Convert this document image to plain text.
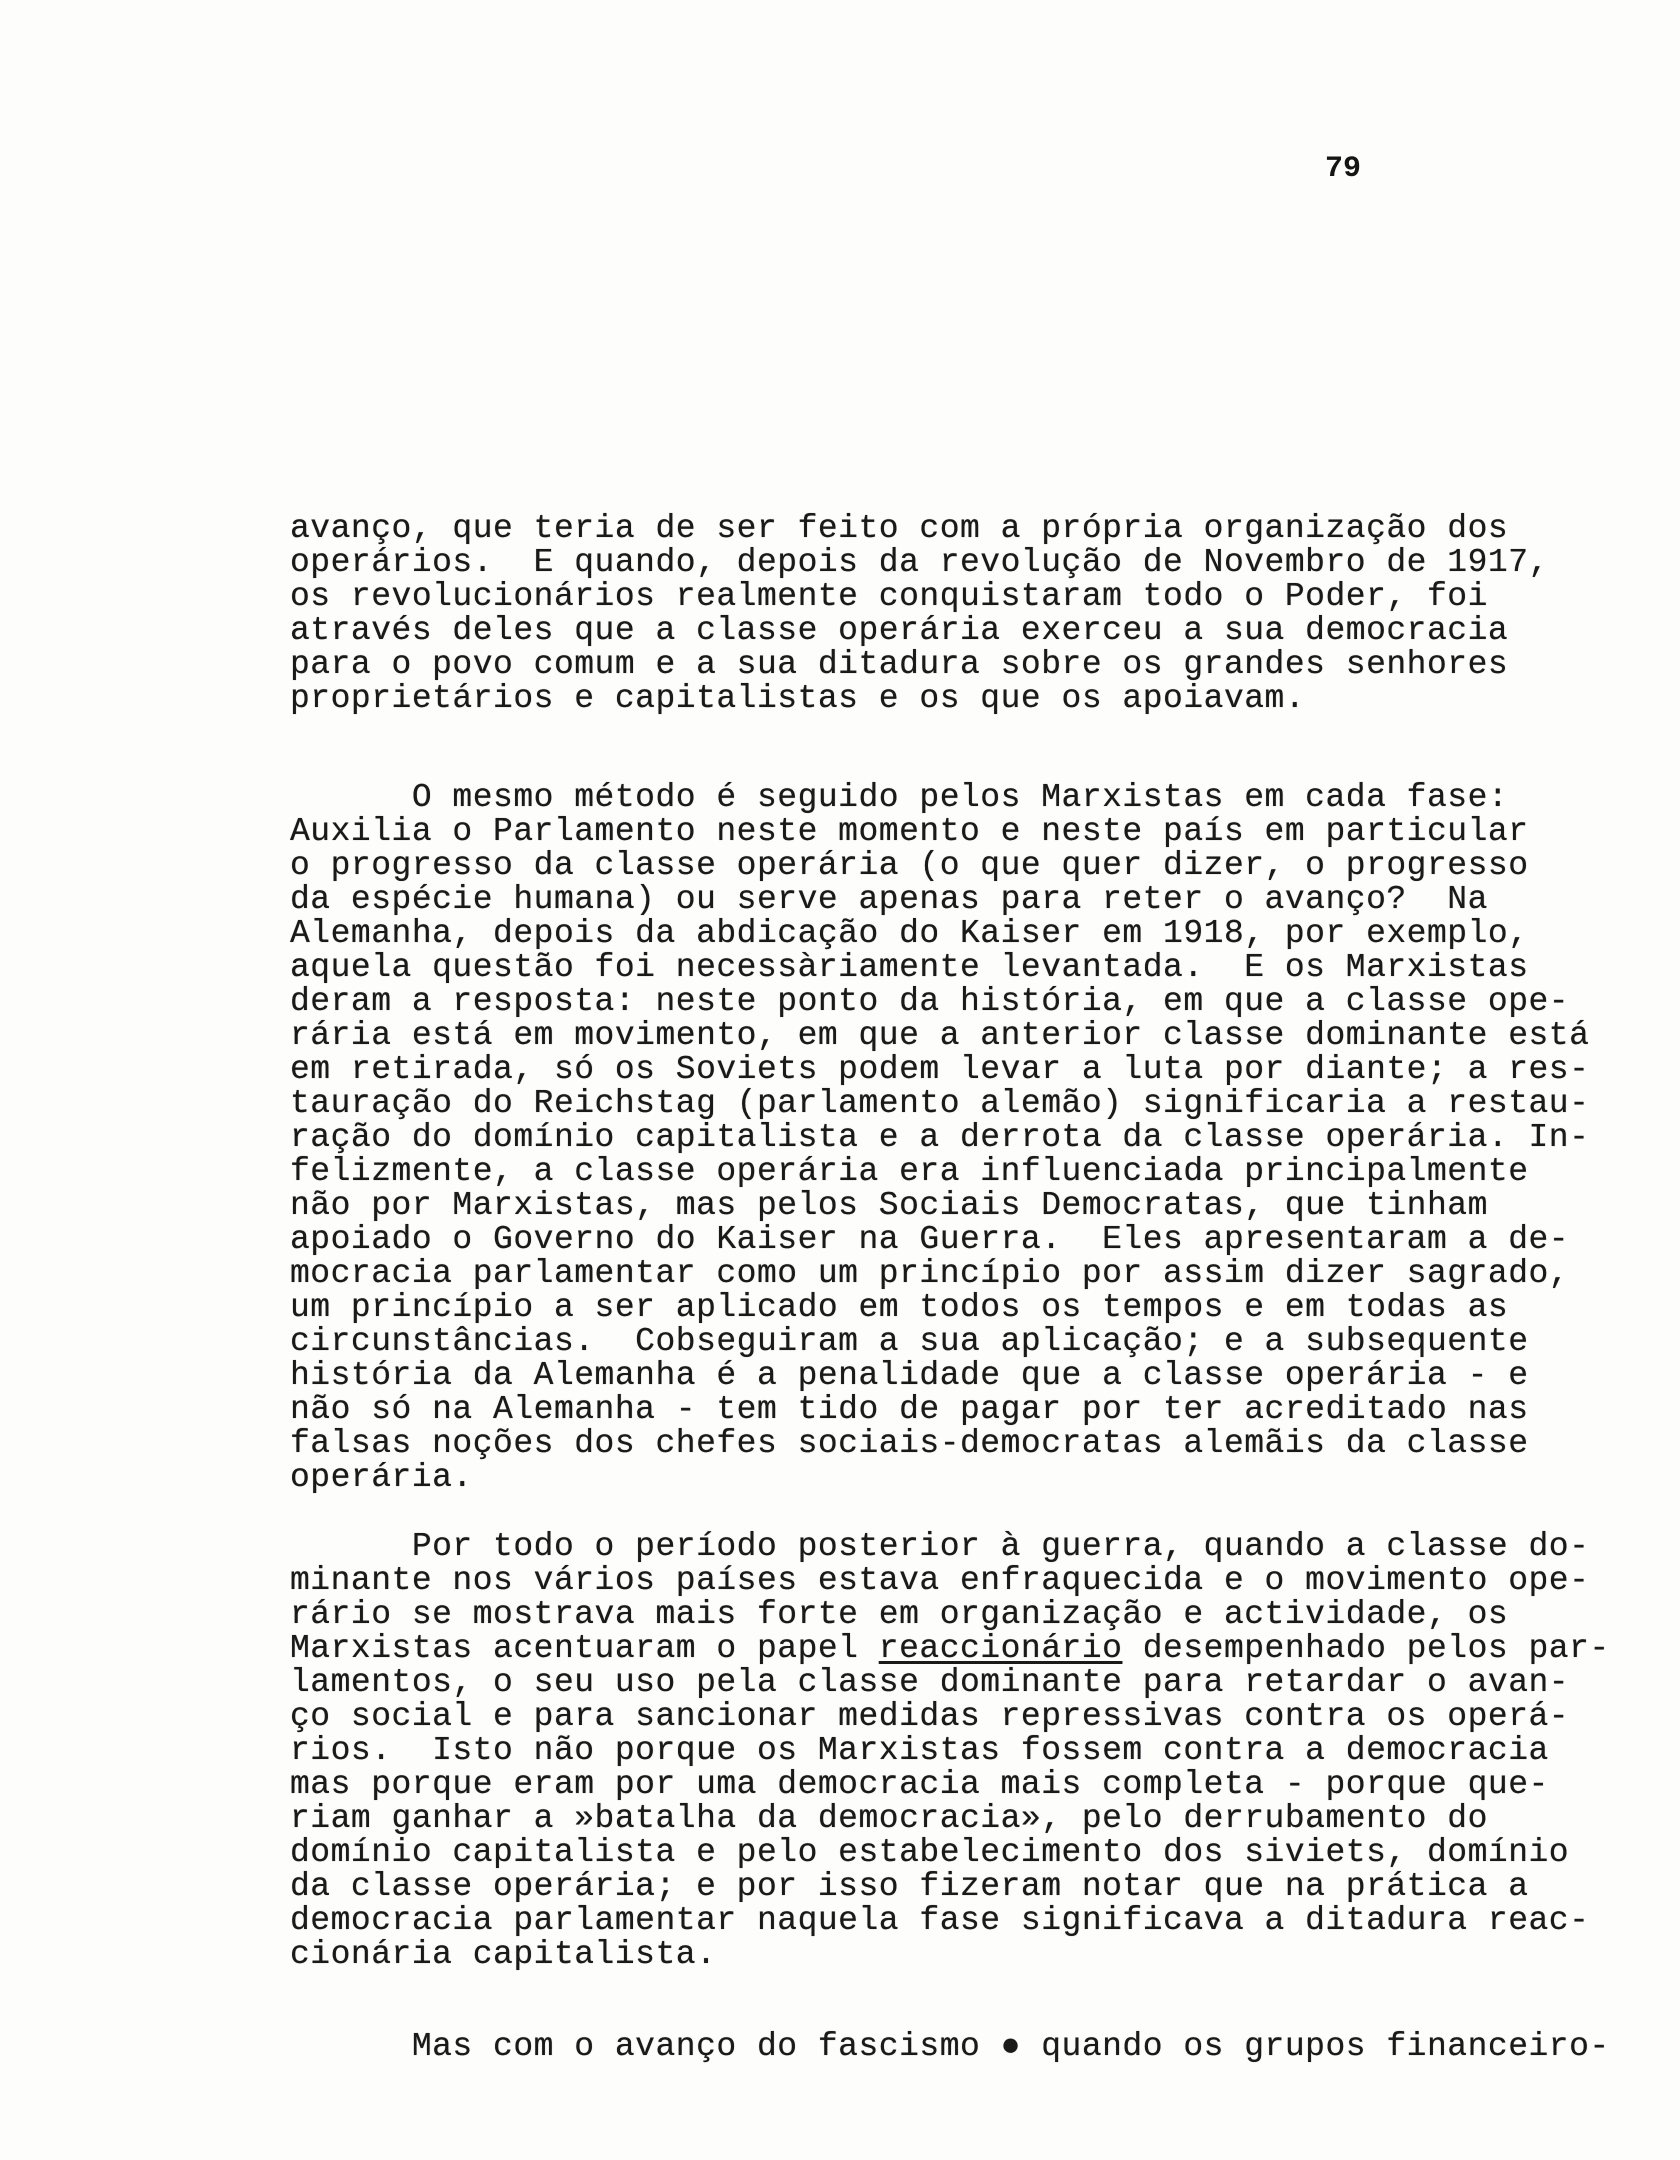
79

avanço, que teria de ser feito com a própria organização dos
operários.  E quando, depois da revolução de Novembro de 1917,
os revolucionários realmente conquistaram todo o Poder, foi
através deles que a classe operária exerceu a sua democracia
para o povo comum e a sua ditadura sobre os grandes senhores
proprietários e capitalistas e os que os apoiavam.

O mesmo método é seguido pelos Marxistas em cada fase:
Auxilia o Parlamento neste momento e neste país em particular
o progresso da classe operária (o que quer dizer, o progresso
da espécie humana) ou serve apenas para reter o avanço?  Na
Alemanha, depois da abdicação do Kaiser em 1918, por exemplo,
aquela questão foi necessàriamente levantada.  E os Marxistas
deram a resposta: neste ponto da história, em que a classe ope-
rária está em movimento, em que a anterior classe dominante está
em retirada, só os Soviets podem levar a luta por diante; a res-
tauração do Reichstag (parlamento alemão) significaria a restau-
ração do domínio capitalista e a derrota da classe operária. In-
felizmente, a classe operária era influenciada principalmente
não por Marxistas, mas pelos Sociais Democratas, que tinham
apoiado o Governo do Kaiser na Guerra.  Eles apresentaram a de-
mocracia parlamentar como um princípio por assim dizer sagrado,
um princípio a ser aplicado em todos os tempos e em todas as
circunstâncias.  Cobseguiram a sua aplicação; e a subsequente
história da Alemanha é a penalidade que a classe operária - e
não só na Alemanha - tem tido de pagar por ter acreditado nas
falsas noções dos chefes sociais-democratas alemãis da classe
operária.

Por todo o período posterior à guerra, quando a classe do-
minante nos vários países estava enfraquecida e o movimento ope-
rário se mostrava mais forte em organização e actividade, os
Marxistas acentuaram o papel reaccionário desempenhado pelos par-
lamentos, o seu uso pela classe dominante para retardar o avan-
ço social e para sancionar medidas repressivas contra os operá-
rios.  Isto não porque os Marxistas fossem contra a democracia
mas porque eram por uma democracia mais completa - porque que-
riam ganhar a »batalha da democracia», pelo derrubamento do
domínio capitalista e pelo estabelecimento dos siviets, domínio
da classe operária; e por isso fizeram notar que na prática a
democracia parlamentar naquela fase significava a ditadura reac-
cionária capitalista.

Mas com o avanço do fascismo ● quando os grupos financeiro-
